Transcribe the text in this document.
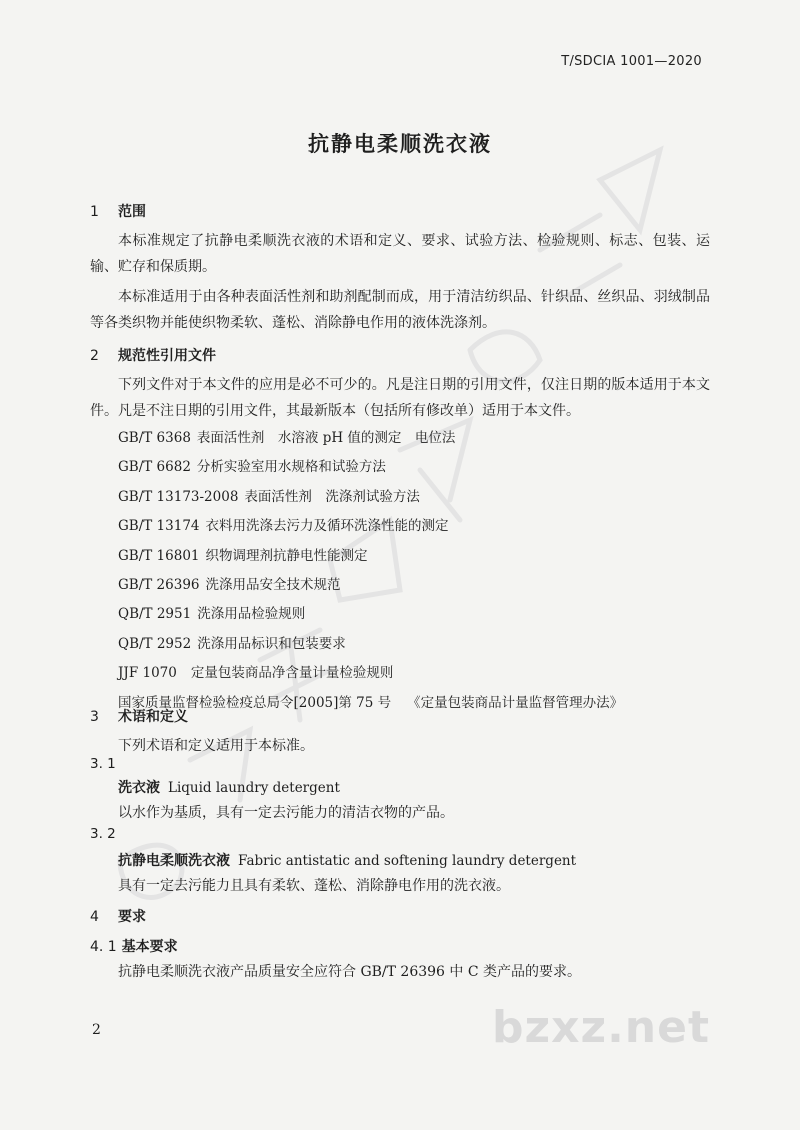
T/SDCIA 1001—2020
抗静电柔顺洗衣液
1 范围

本标准规定了抗静电柔顺洗衣液的术语和定义、要求、试验方法、检验规则、标志、包装、运输、贮存和保质期。

本标准适用于由各种表面活性剂和助剂配制而成，用于清洁纺织品、针织品、丝织品、羽绒制品等各类织物并能使织物柔软、蓬松、消除静电作用的液体洗涤剂。

2 规范性引用文件

下列文件对于本文件的应用是必不可少的。凡是注日期的引用文件，仅注日期的版本适用于本文件。凡是不注日期的引用文件，其最新版本（包括所有修改单）适用于本文件。

GB/T 6368 表面活性剂　水溶液 pH 值的测定　电位法
GB/T 6682 分析实验室用水规格和试验方法
GB/T 13173-2008 表面活性剂　洗涤剂试验方法
GB/T 13174 衣料用洗涤去污力及循环洗涤性能的测定
GB/T 16801 织物调理剂抗静电性能测定
GB/T 26396 洗涤用品安全技术规范
QB/T 2951 洗涤用品检验规则
QB/T 2952 洗涤用品标识和包装要求
JJF 1070 定量包装商品净含量计量检验规则
国家质量监督检验检疫总局令[2005]第 75 号 《定量包装商品计量监督管理办法》
3 术语和定义
下列术语和定义适用于本标准。
3. 1
洗衣液 Liquid laundry detergent
以水作为基质，具有一定去污能力的清洁衣物的产品。
3. 2
抗静电柔顺洗衣液 Fabric antistatic and softening laundry detergent
具有一定去污能力且具有柔软、蓬松、消除静电作用的洗衣液。
4 要求
4. 1 基本要求
抗静电柔顺洗衣液产品质量安全应符合 GB/T 26396 中 C 类产品的要求。
bzxz.net
2
